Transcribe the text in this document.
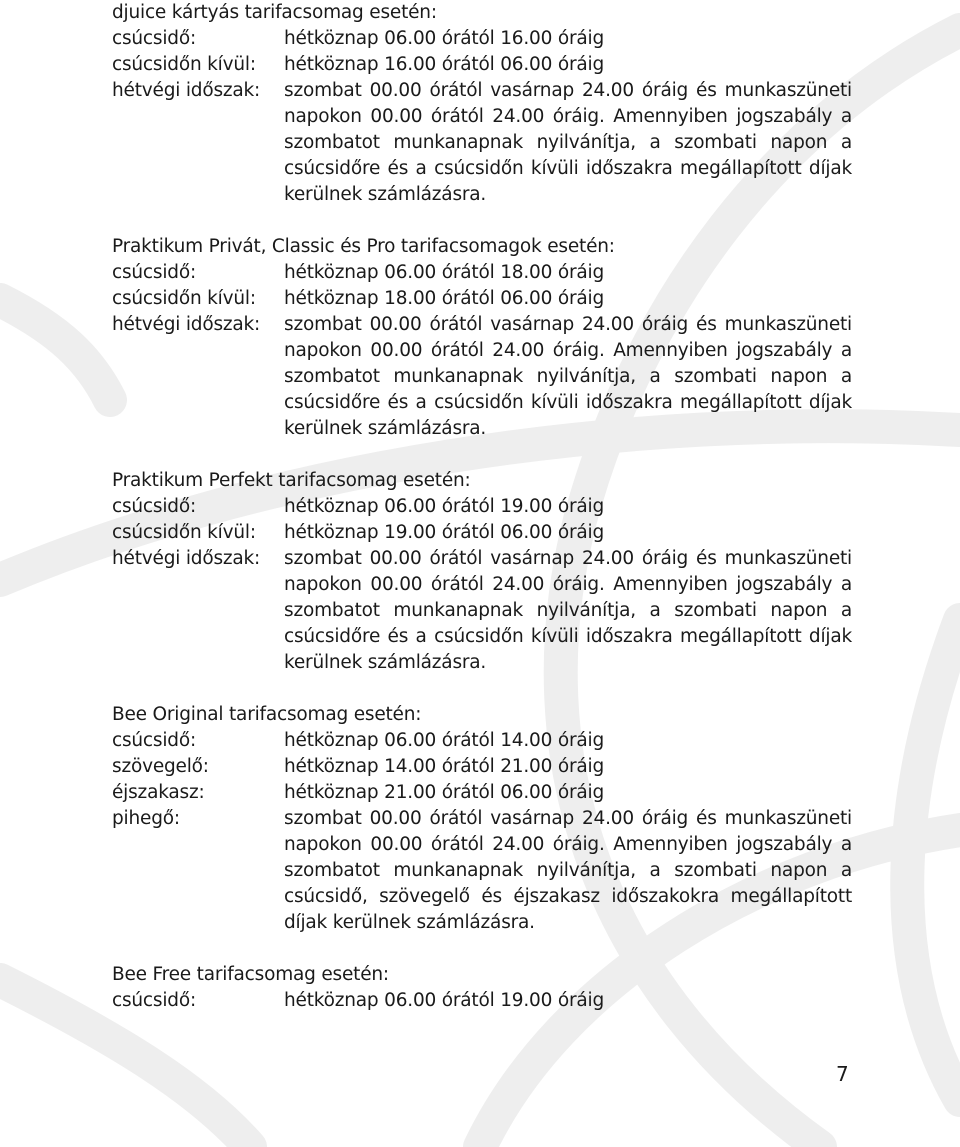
djuice kártyás tarifacsomag esetén:
csúcsidő:	hétköznap 06.00 órától 16.00 óráig
csúcsidőn kívül:	hétköznap 16.00 órától 06.00 óráig
hétvégi időszak:	szombat 00.00 órától vasárnap 24.00 óráig és munkaszüneti napokon 00.00 órától 24.00 óráig. Amennyiben jogszabály a szombatot munkanapnak nyilvánítja, a szombati napon a csúcsidőre és a csúcsidőn kívüli időszakra megállapított díjak kerülnek számlázásra.
Praktikum Privát, Classic és Pro tarifacsomagok esetén:
csúcsidő:	hétköznap 06.00 órától 18.00 óráig
csúcsidőn kívül:	hétköznap 18.00 órától 06.00 óráig
hétvégi időszak:	szombat 00.00 órától vasárnap 24.00 óráig és munkaszüneti napokon 00.00 órától 24.00 óráig. Amennyiben jogszabály a szombatot munkanapnak nyilvánítja, a szombati napon a csúcsidőre és a csúcsidőn kívüli időszakra megállapított díjak kerülnek számlázásra.
Praktikum Perfekt tarifacsomag esetén:
csúcsidő:	hétköznap 06.00 órától 19.00 óráig
csúcsidőn kívül:	hétköznap 19.00 órától 06.00 óráig
hétvégi időszak:	szombat 00.00 órától vasárnap 24.00 óráig és munkaszüneti napokon 00.00 órától 24.00 óráig. Amennyiben jogszabály a szombatot munkanapnak nyilvánítja, a szombati napon a csúcsidőre és a csúcsidőn kívüli időszakra megállapított díjak kerülnek számlázásra.
Bee Original tarifacsomag esetén:
csúcsidő:	hétköznap 06.00 órától 14.00 óráig
szövegelő:	hétköznap 14.00 órától 21.00 óráig
éjszakasz:	hétköznap 21.00 órától 06.00 óráig
pihegő:	szombat 00.00 órától vasárnap 24.00 óráig és munkaszüneti napokon 00.00 órától 24.00 óráig. Amennyiben jogszabály a szombatot munkanapnak nyilvánítja, a szombati napon a csúcsidő, szövegelő és éjszakasz időszakokra megállapított díjak kerülnek számlázásra.
Bee Free tarifacsomag esetén:
csúcsidő:	hétköznap 06.00 órától 19.00 óráig
7
